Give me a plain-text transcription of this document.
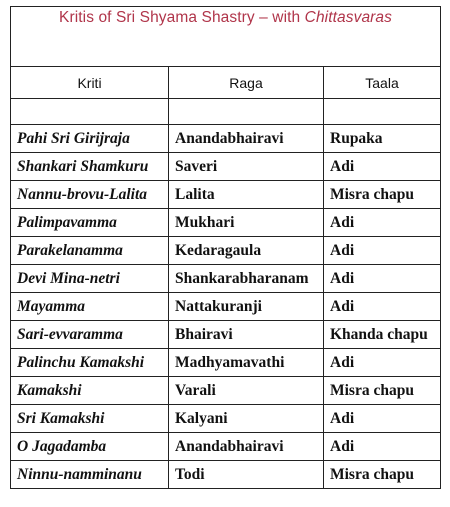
Kritis of Sri Shyama Shastry – with Chittasvaras		
Kriti	Raga	Taala

Pahi Sri Girijraja	Anandabhairavi	Rupaka
Shankari Shamkuru	Saveri	Adi
Nannu-brovu-Lalita	Lalita	Misra chapu
Palimpavamma	Mukhari	Adi
Parakelanamma	Kedaragaula	Adi
Devi Mina-netri	Shankarabharanam	Adi
Mayamma	Nattakuranji	Adi
Sari-evvaramma	Bhairavi	Khanda chapu
Palinchu Kamakshi	Madhyamavathi	Adi
Kamakshi	Varali	Misra chapu
Sri Kamakshi	Kalyani	Adi
O Jagadamba	Anandabhairavi	Adi
Ninnu-namminanu	Todi	Misra chapu
